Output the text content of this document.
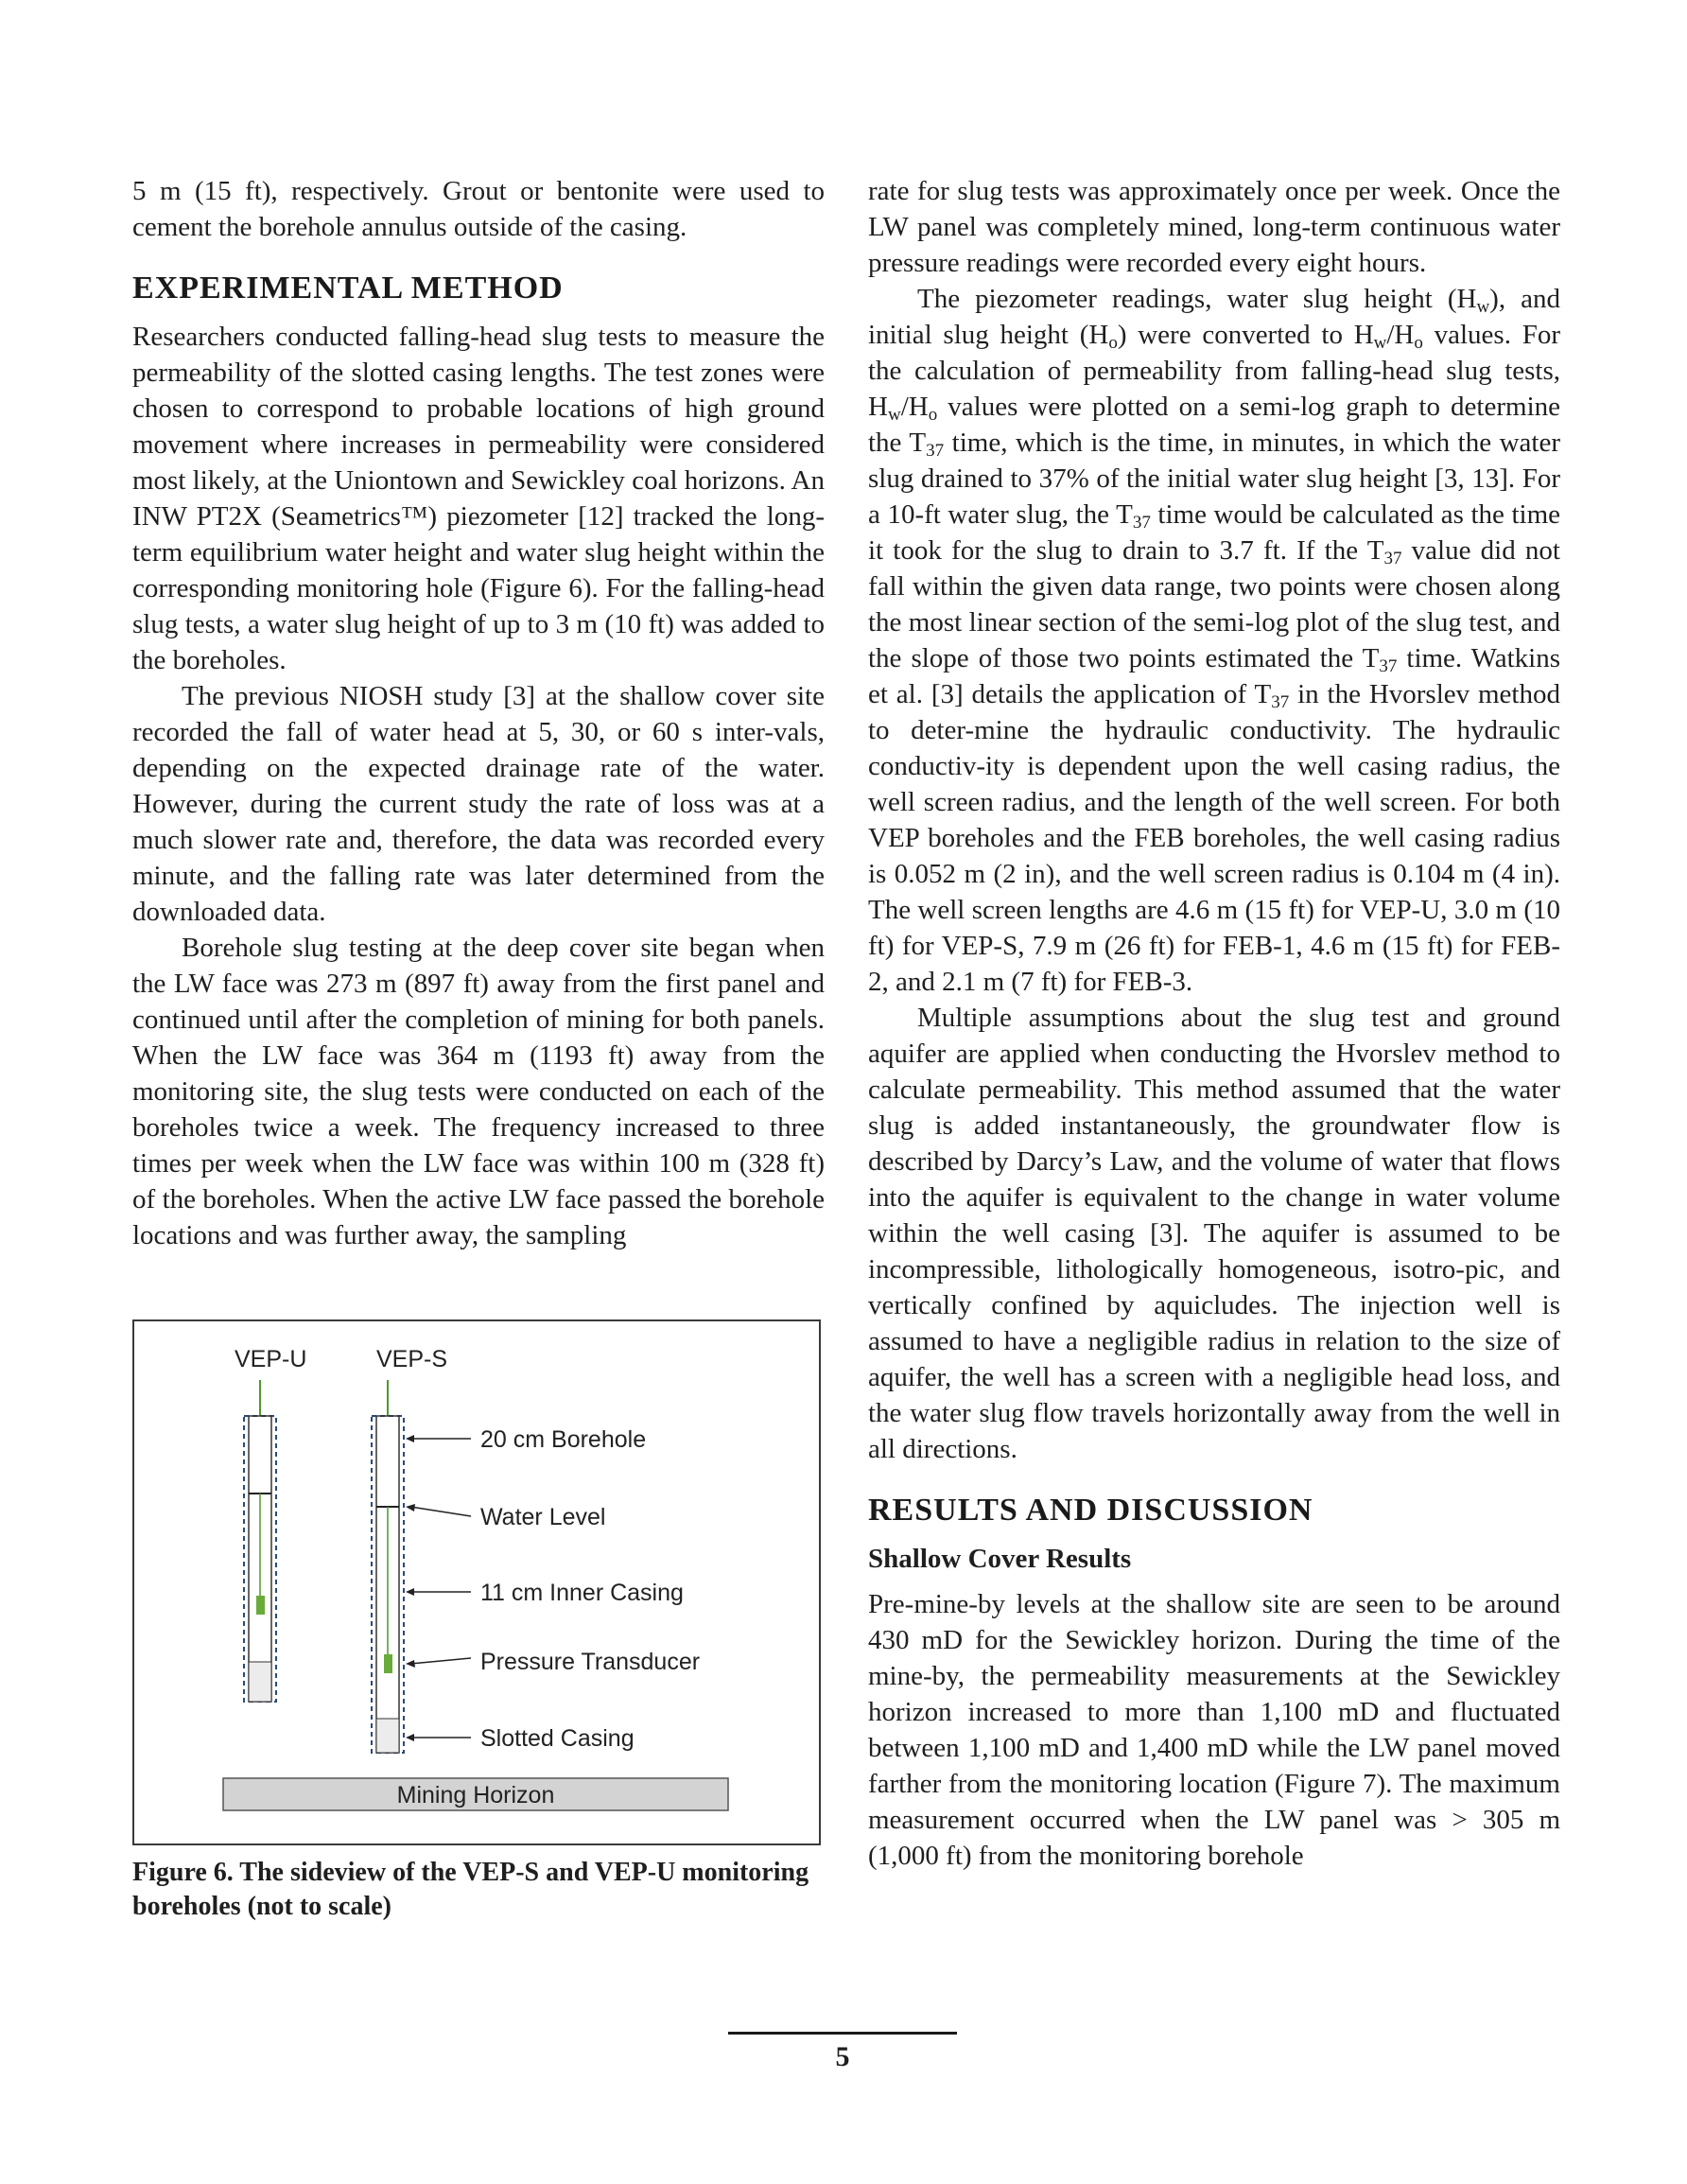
5 m (15 ft), respectively. Grout or bentonite were used to cement the borehole annulus outside of the casing.

EXPERIMENTAL METHOD

Researchers conducted falling-head slug tests to measure the permeability of the slotted casing lengths. The test zones were chosen to correspond to probable locations of high ground movement where increases in permeability were considered most likely, at the Uniontown and Sewickley coal horizons. An INW PT2X (Seametrics™) piezometer [12] tracked the long-term equilibrium water height and water slug height within the corresponding monitoring hole (Figure 6). For the falling-head slug tests, a water slug height of up to 3 m (10 ft) was added to the boreholes.

The previous NIOSH study [3] at the shallow cover site recorded the fall of water head at 5, 30, or 60 s inter-vals, depending on the expected drainage rate of the water. However, during the current study the rate of loss was at a much slower rate and, therefore, the data was recorded every minute, and the falling rate was later determined from the downloaded data.

Borehole slug testing at the deep cover site began when the LW face was 273 m (897 ft) away from the first panel and continued until after the completion of mining for both panels. When the LW face was 364 m (1193 ft) away from the monitoring site, the slug tests were conducted on each of the boreholes twice a week. The frequency increased to three times per week when the LW face was within 100 m (328 ft) of the boreholes. When the active LW face passed the borehole locations and was further away, the sampling

VEP-U	VEP-S
20 cm Borehole
Water Level
11 cm Inner Casing
Pressure Transducer
Slotted Casing
Mining Horizon
Figure 6. The sideview of the VEP-S and VEP-U monitoring boreholes (not to scale)

rate for slug tests was approximately once per week. Once the LW panel was completely mined, long-term continuous water pressure readings were recorded every eight hours.

The piezometer readings, water slug height $(H_w)$, and initial slug height $(H_o)$ were converted to $H_w/H_o$ values. For the calculation of permeability from falling-head slug tests, $H_w/H_o$ values were plotted on a semi-log graph to determine the $T_{37}$ time, which is the time, in minutes, in which the water slug drained to 37% of the initial water slug height [3, 13]. For a 10-ft water slug, the $T_{37}$ time would be calculated as the time it took for the slug to drain to 3.7 ft. If the $T_{37}$ value did not fall within the given data range, two points were chosen along the most linear section of the semi-log plot of the slug test, and the slope of those two points estimated the $T_{37}$ time. Watkins et al. [3] details the application of $T_{37}$ in the Hvorslev method to deter-mine the hydraulic conductivity. The hydraulic conductiv-ity is dependent upon the well casing radius, the well screen radius, and the length of the well screen. For both VEP boreholes and the FEB boreholes, the well casing radius is 0.052 m (2 in), and the well screen radius is 0.104 m (4 in). The well screen lengths are 4.6 m (15 ft) for VEP-U, 3.0 m (10 ft) for VEP-S, 7.9 m (26 ft) for FEB-1, 4.6 m (15 ft) for FEB-2, and 2.1 m (7 ft) for FEB-3.

Multiple assumptions about the slug test and ground aquifer are applied when conducting the Hvorslev method to calculate permeability. This method assumed that the water slug is added instantaneously, the groundwater flow is described by Darcy’s Law, and the volume of water that flows into the aquifer is equivalent to the change in water volume within the well casing [3]. The aquifer is assumed to be incompressible, lithologically homogeneous, isotro-pic, and vertically confined by aquicludes. The injection well is assumed to have a negligible radius in relation to the size of aquifer, the well has a screen with a negligible head loss, and the water slug flow travels horizontally away from the well in all directions.

RESULTS AND DISCUSSION
Shallow Cover Results

Pre-mine-by levels at the shallow site are seen to be around 430 mD for the Sewickley horizon. During the time of the mine-by, the permeability measurements at the Sewickley horizon increased to more than 1,100 mD and fluctuated between 1,100 mD and 1,400 mD while the LW panel moved farther from the monitoring location (Figure 7). The maximum measurement occurred when the LW panel was > 305 m (1,000 ft) from the monitoring borehole

5
